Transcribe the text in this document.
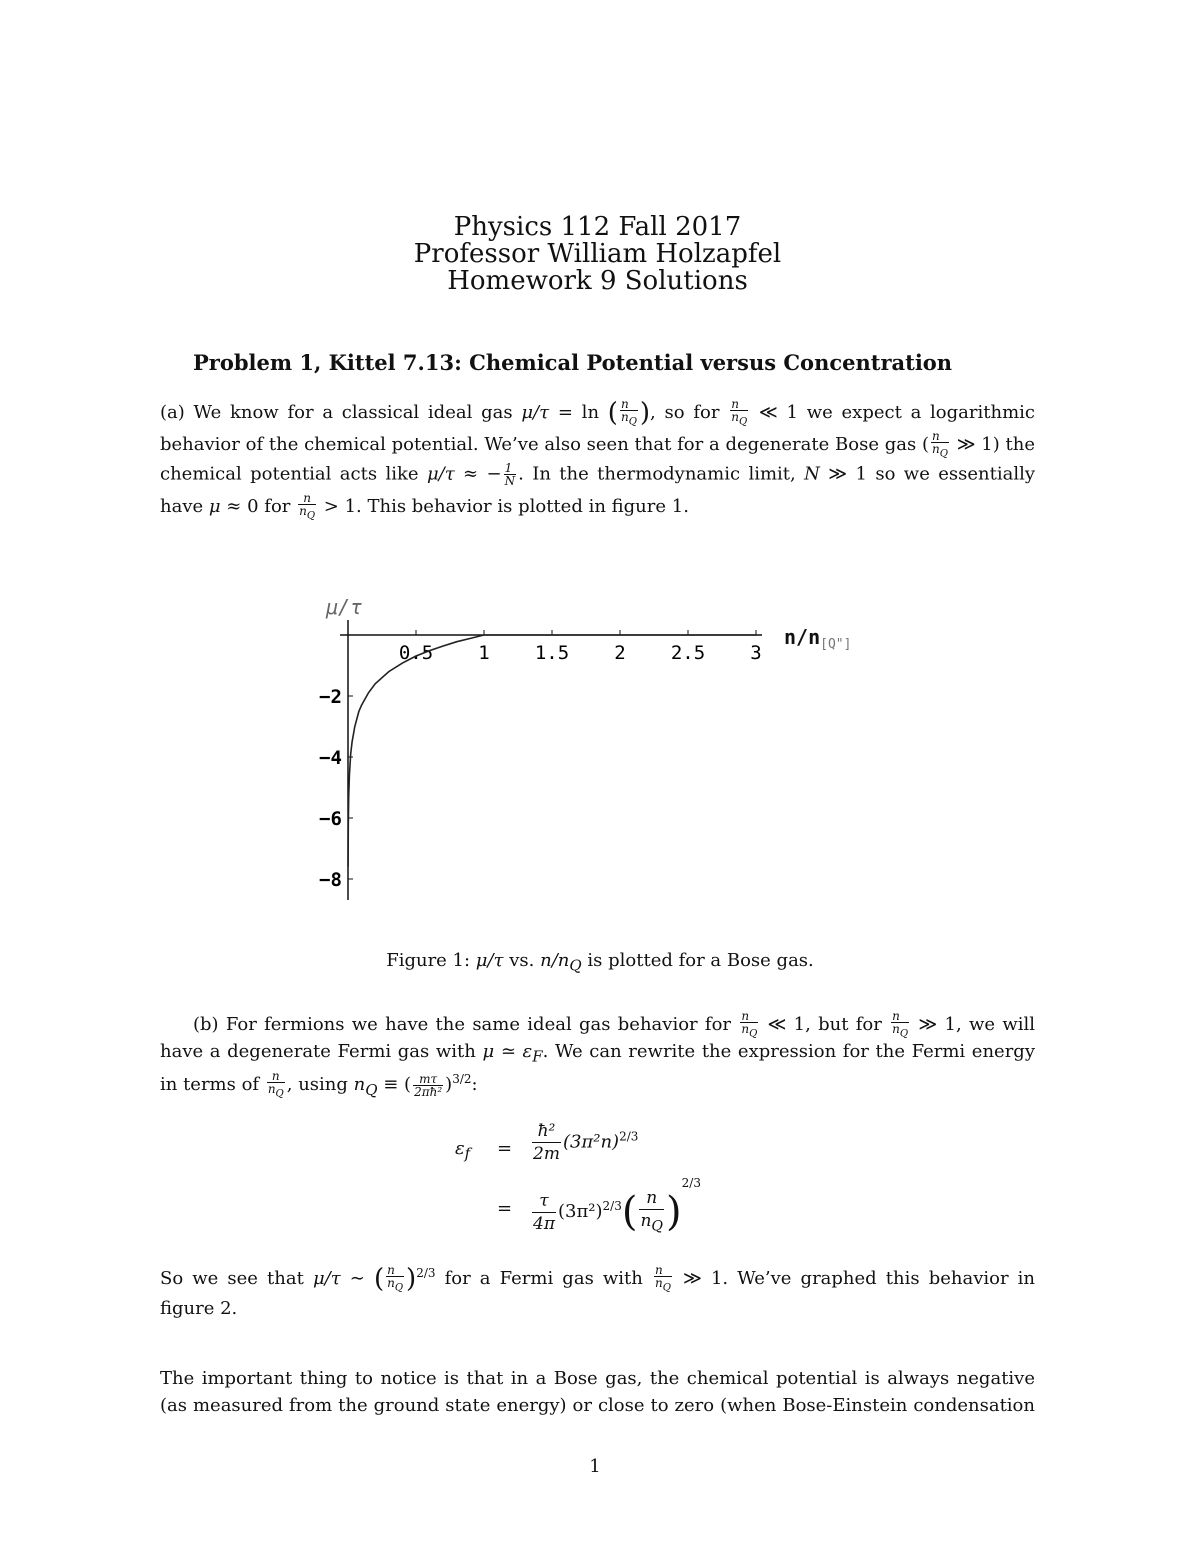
Physics 112 Fall 2017
Professor William Holzapfel
Homework 9 Solutions
Problem 1, Kittel 7.13: Chemical Potential versus Concentration
(a) We know for a classical ideal gas μ/τ = ln ( $\frac{n}{n_Q}$ ), so for $\frac{n}{n_Q}$ ≪ 1 we expect a logarithmic
behavior of the chemical potential. We’ve also seen that for a degenerate Bose gas ( $\frac{n}{n_Q}$ ≫ 1) the
chemical potential acts like μ/τ ≈ − $\frac{1}{N}$ . In the thermodynamic limit, N ≫ 1 so we essentially
have μ ≈ 0 for $\frac{n}{n_Q} > 1$. This behavior is plotted in figure 1.
μ/τ
$n/n_{[Q"]}$
0.5 1 1.5 2 2.5 3
−2
−4
−6
−8
Figure 1: μ/τ vs. $n/n_Q$ is plotted for a Bose gas.
(b) For fermions we have the same ideal gas behavior for $\frac{n}{n_Q}$ ≪ 1, but for $\frac{n}{n_Q}$ ≫ 1, we will
have a degenerate Fermi gas with μ ≃ $\varepsilon_F$. We can rewrite the expression for the Fermi energy
in terms of $\frac{n}{n_Q}$ , using $n_Q$ ≡ ( $\frac{m\tau}{\text{2πħ²}} )^{3/2}$:
$\varepsilon_f = \frac{\text{ħ²}}{2m} (3\pi^2n)^{2/3}$
= $\frac{\tau}{4\pi} (3\pi^2)^{2/3}( \frac{n}{n_Q} )^{2/3}$
So we see that μ/τ ∼ ( $\frac{n}{n_Q} )^{2/3}$ for a Fermi gas with $\frac{n}{n_Q}$ ≫ 1. We’ve graphed this behavior in
figure 2.
The important thing to notice is that in a Bose gas, the chemical potential is always negative
(as measured from the ground state energy) or close to zero (when Bose-Einstein condensation
1
